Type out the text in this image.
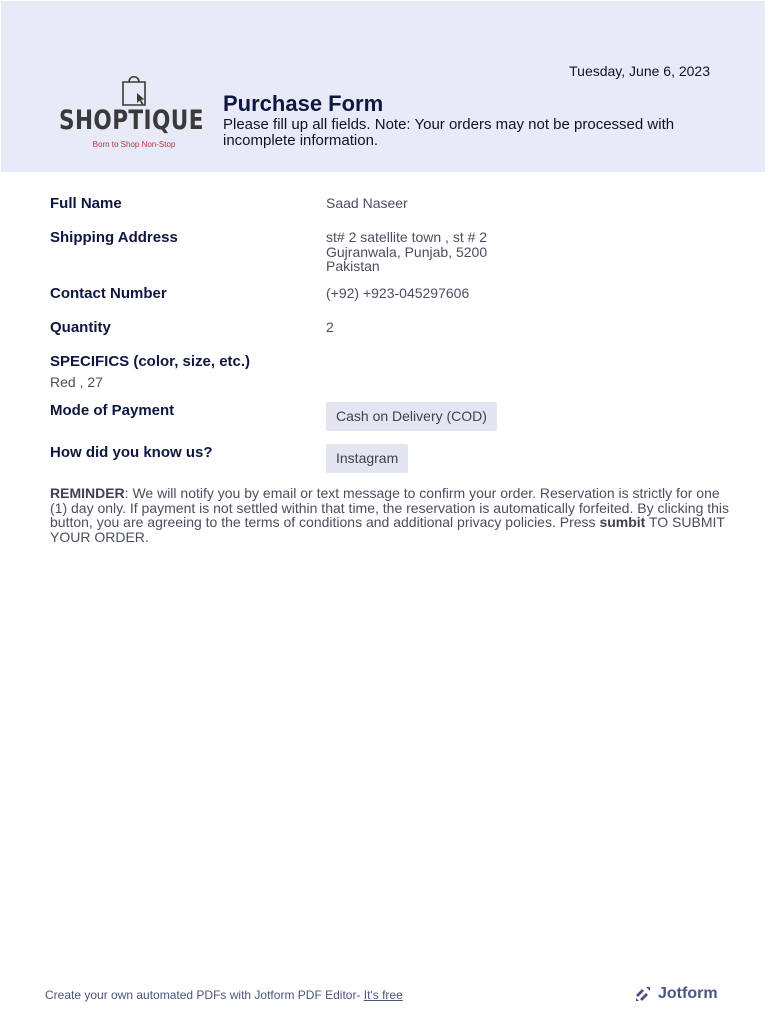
Tuesday, June 6, 2023
SHOPTIQUE
Born to Shop Non-Stop
Purchase Form
Please fill up all fields. Note: Your orders may not be processed with incomplete information.
Full Name	Saad Naseer
Shipping Address	st# 2 satellite town , st # 2
Gujranwala, Punjab, 5200
Pakistan
Contact Number	(+92) +923-045297606
Quantity	2
SPECIFICS (color, size, etc.)
Red , 27
Mode of Payment	Cash on Delivery (COD)
How did you know us?	Instagram
REMINDER: We will notify you by email or text message to confirm your order. Reservation is strictly for one (1) day only. If payment is not settled within that time, the reservation is automatically forfeited. By clicking this button, you are agreeing to the terms of conditions and additional privacy policies. Press sumbit TO SUBMIT YOUR ORDER.
Create your own automated PDFs with Jotform PDF Editor- It's free	Jotform
